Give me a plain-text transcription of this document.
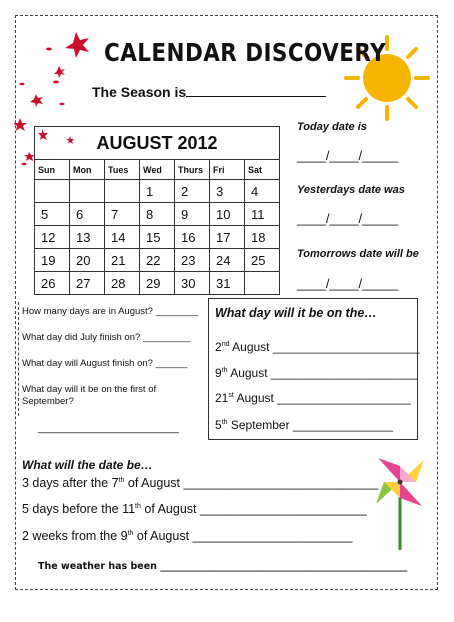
CALENDAR DISCOVERY
The Season is
AUGUST 2012						
Sun	Mon	Tues	Wed	Thurs	Fri	Sat
			1	2	3	4
5	6	7	8	9	10	11
12	13	14	15	16	17	18
19	20	21	22	23	24	25
26	27	28	29	30	31	
Today date is
____/____/_____
Yesterdays date was
____/____/_____
Tomorrows date will be
____/____/_____
How many days are in August? ________
What day did July finish on? _________
What day will August finish on? ______
What day will it be on the first of September?
_______________________
What day will it be on the…
2nd August ______________________
9th August ______________________
21st August ____________________
5th September _______________
What will the date be…
3 days after the 7th of August ____________________________
5 days before the 11th of August ________________________
2 weeks from the 9th of August _______________________
The weather has been ____________________________________________________
